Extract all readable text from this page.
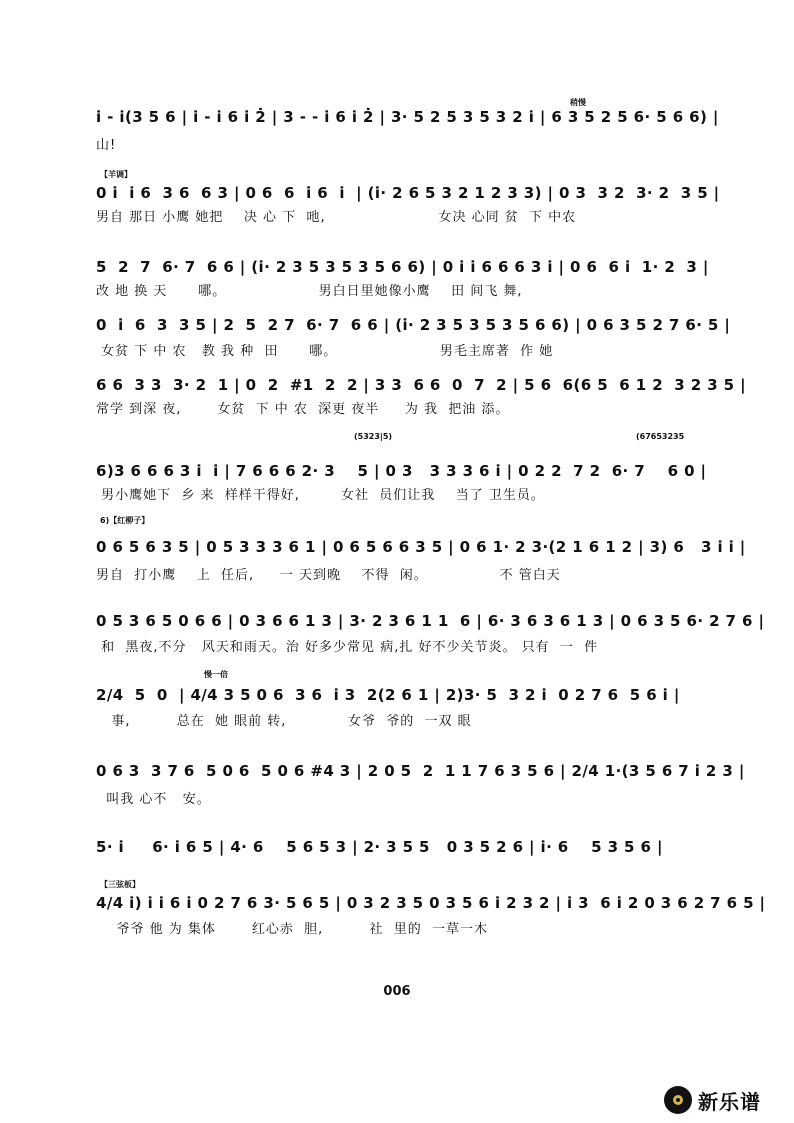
稍慢
i̇ - i̇(3 5 6 | i̇ - i̇ 6 i̇ 2̇ | 3 - - i̇ 6 i̇ 2̇ | 3· 5 2 5 3 5 3 2 i̇ | 6 3 5 2 5 6· 5 6 6) |
山!
【羊调】
0 i̇  i̇ 6  3 6  6 3 | 0 6  6  i̇ 6  i̇  | (i̇· 2 6 5 3 2 1 2 3 3) | 0 3  3 2  3· 2  3 5 |
男自 那日 小鹰 她把    决 心 下  吔,                      女决 心同 贫  下 中农
5  2  7  6· 7  6 6 | (i̇· 2 3 5 3 5 3 5 6 6) | 0 i̇ i̇ 6 6 6 3 i̇ | 0 6  6 i̇  1· 2  3 |
改 地 换 天      哪。                  男白日里她像小鹰    田 间飞 舞,
0  i̇  6  3  3 5 | 2  5  2 7  6· 7  6 6 | (i̇· 2 3 5 3 5 3 5 6 6) | 0 6 3 5 2 7 6· 5 |
女贫 下 中 农   教 我 种  田      哪。                    男毛主席著  作 她
6 6  3 3  3· 2  1 | 0  2  #1  2  2 | 3 3  6 6  0  7  2 | 5 6  6(6 5  6 1 2  3 2 3 5 |
常学 到深 夜,       女贫  下 中 农  深更 夜半     为 我  把油 添。
(5323|5)	(67653235
6)3 6 6 6 3 i̇  i̇ | 7 6 6 6 2· 3    5 | 0 3   3 3 3 6 i̇ | 0 2 2  7 2  6· 7    6 0 |
男小鹰她下  乡 来  样样干得好,        女社  员们让我    当了 卫生员。
6)【红柳子】
0 6 5 6 3 5 | 0 5 3 3 3 6 1 | 0 6 5 6 6 3 5 | 0 6 1· 2 3·(2 1 6 1 2 | 3) 6   3 i̇ i̇ |
男自  打小鹰    上  任后,     一 天到晚    不得  闲。              不 管白天
0 5 3 6 5 0 6 6 | 0 3 6 6 1 3 | 3· 2 3 6 1 1  6 | 6· 3 6 3 6 1 3 | 0 6 3 5 6· 2 7 6 |
和  黑夜,不分   风天和雨天。治 好多少常见 病,扎 好不少关节炎。 只有  一  件
慢一倍
2/4  5  0  | 4/4 3 5 0 6  3 6  i̇ 3  2(2 6 1 | 2)3· 5  3 2 i̇  0 2 7 6  5 6 i̇ |
事,         总在  她 眼前 转,            女爷  爷的  一双 眼
0 6 3  3 7 6  5 0 6  5 0 6 #4 3 | 2 0 5  2  1 1 7 6 3 5 6 | 2/4 1·(3 5 6 7 i̇ 2 3 |
叫我 心不   安。
5· i̇     6· i̇ 6 5 | 4· 6    5 6 5 3 | 2· 3 5 5   0 3 5 2 6 | i̇· 6    5 3 5 6 |
【三弦板】
4/4 i̇) i̇ i̇ 6 i̇ 0 2 7 6 3· 5 6 5 | 0 3 2 3 5 0 3 5 6 i̇ 2 3 2 | i̇ 3  6 i̇ 2 0 3 6 2 7 6 5 |
爷爷 他 为 集体       红心赤  胆,         社  里的  一草一木
006
新乐谱
